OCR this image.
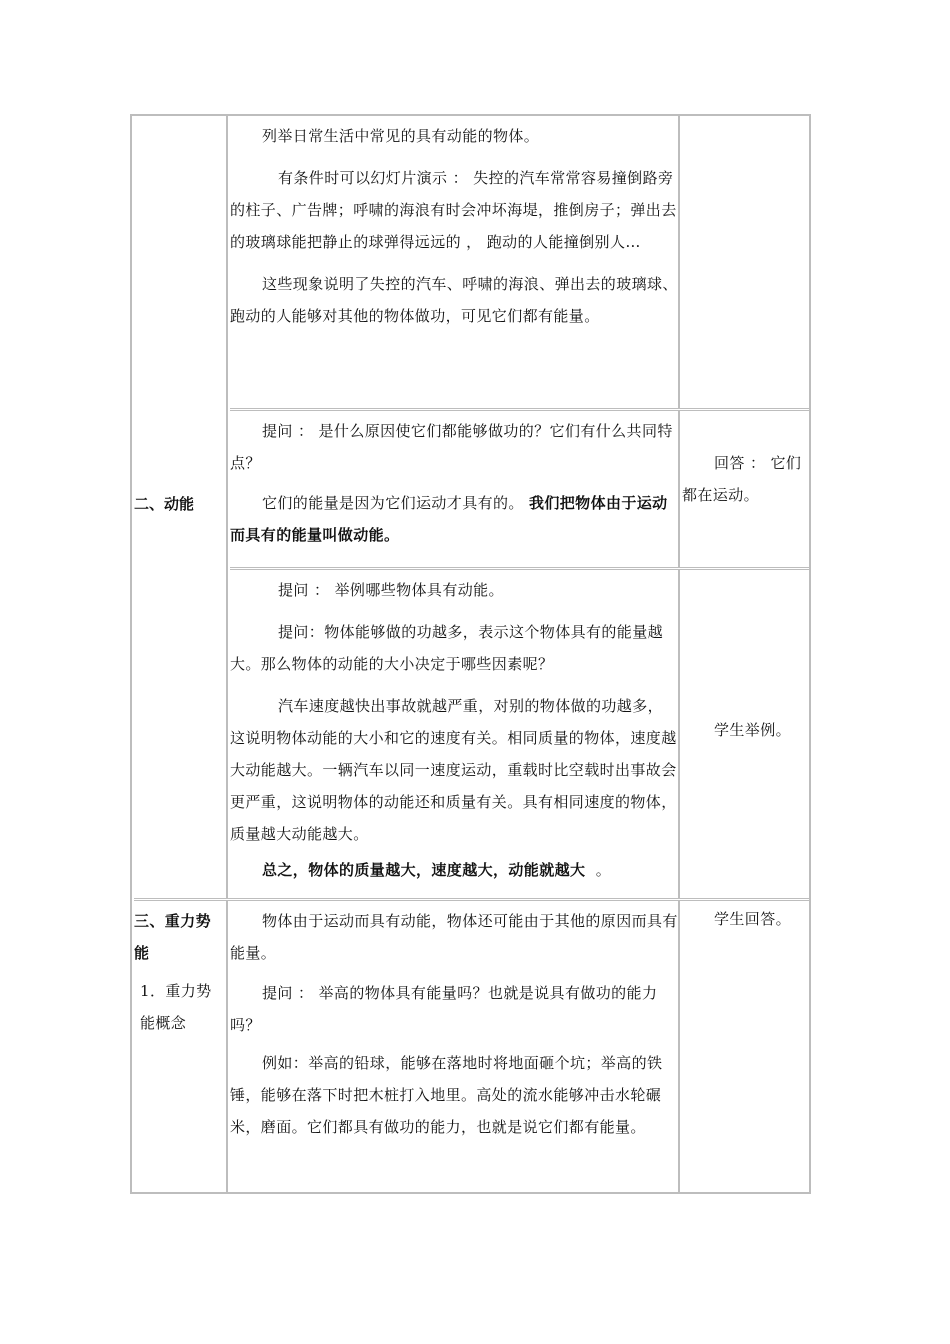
二、动能

列举日常生活中常见的具有动能的物体。

有条件时可以幻灯片演示 ： 失控的汽车常常容易撞倒路旁的柱子、广告牌；呼啸的海浪有时会冲坏海堤，推倒房子；弹出去的玻璃球能把静止的球弹得远远的 ， 跑动的人能撞倒别人…

这些现象说明了失控的汽车、呼啸的海浪、弹出去的玻璃球、跑动的人能够对其他的物体做功，可见它们都有能量。

提问 ： 是什么原因使它们都能够做功的？它们有什么共同特点？

它们的能量是因为它们运动才具有的。 我们把物体由于运动而具有的能量叫做动能。

回答 ： 它们都在运动。

提问 ： 举例哪些物体具有动能。

提问：物体能够做的功越多，表示这个物体具有的能量越大。那么物体的动能的大小决定于哪些因素呢？

汽车速度越快出事故就越严重，对别的物体做的功越多，这说明物体动能的大小和它的速度有关。相同质量的物体，速度越大动能越大。一辆汽车以同一速度运动，重载时比空载时出事故会更严重，这说明物体的动能还和质量有关。具有相同速度的物体，质量越大动能越大。

总之，物体的质量越大，速度越大，动能就越大 。

学生举例。

三、重力势能

1．重力势能概念

物体由于运动而具有动能，物体还可能由于其他的原因而具有能量。

提问 ： 举高的物体具有能量吗？也就是说具有做功的能力吗？

例如：举高的铅球，能够在落地时将地面砸个坑；举高的铁锤，能够在落下时把木桩打入地里。高处的流水能够冲击水轮碾米，磨面。它们都具有做功的能力，也就是说它们都有能量。

学生回答。
